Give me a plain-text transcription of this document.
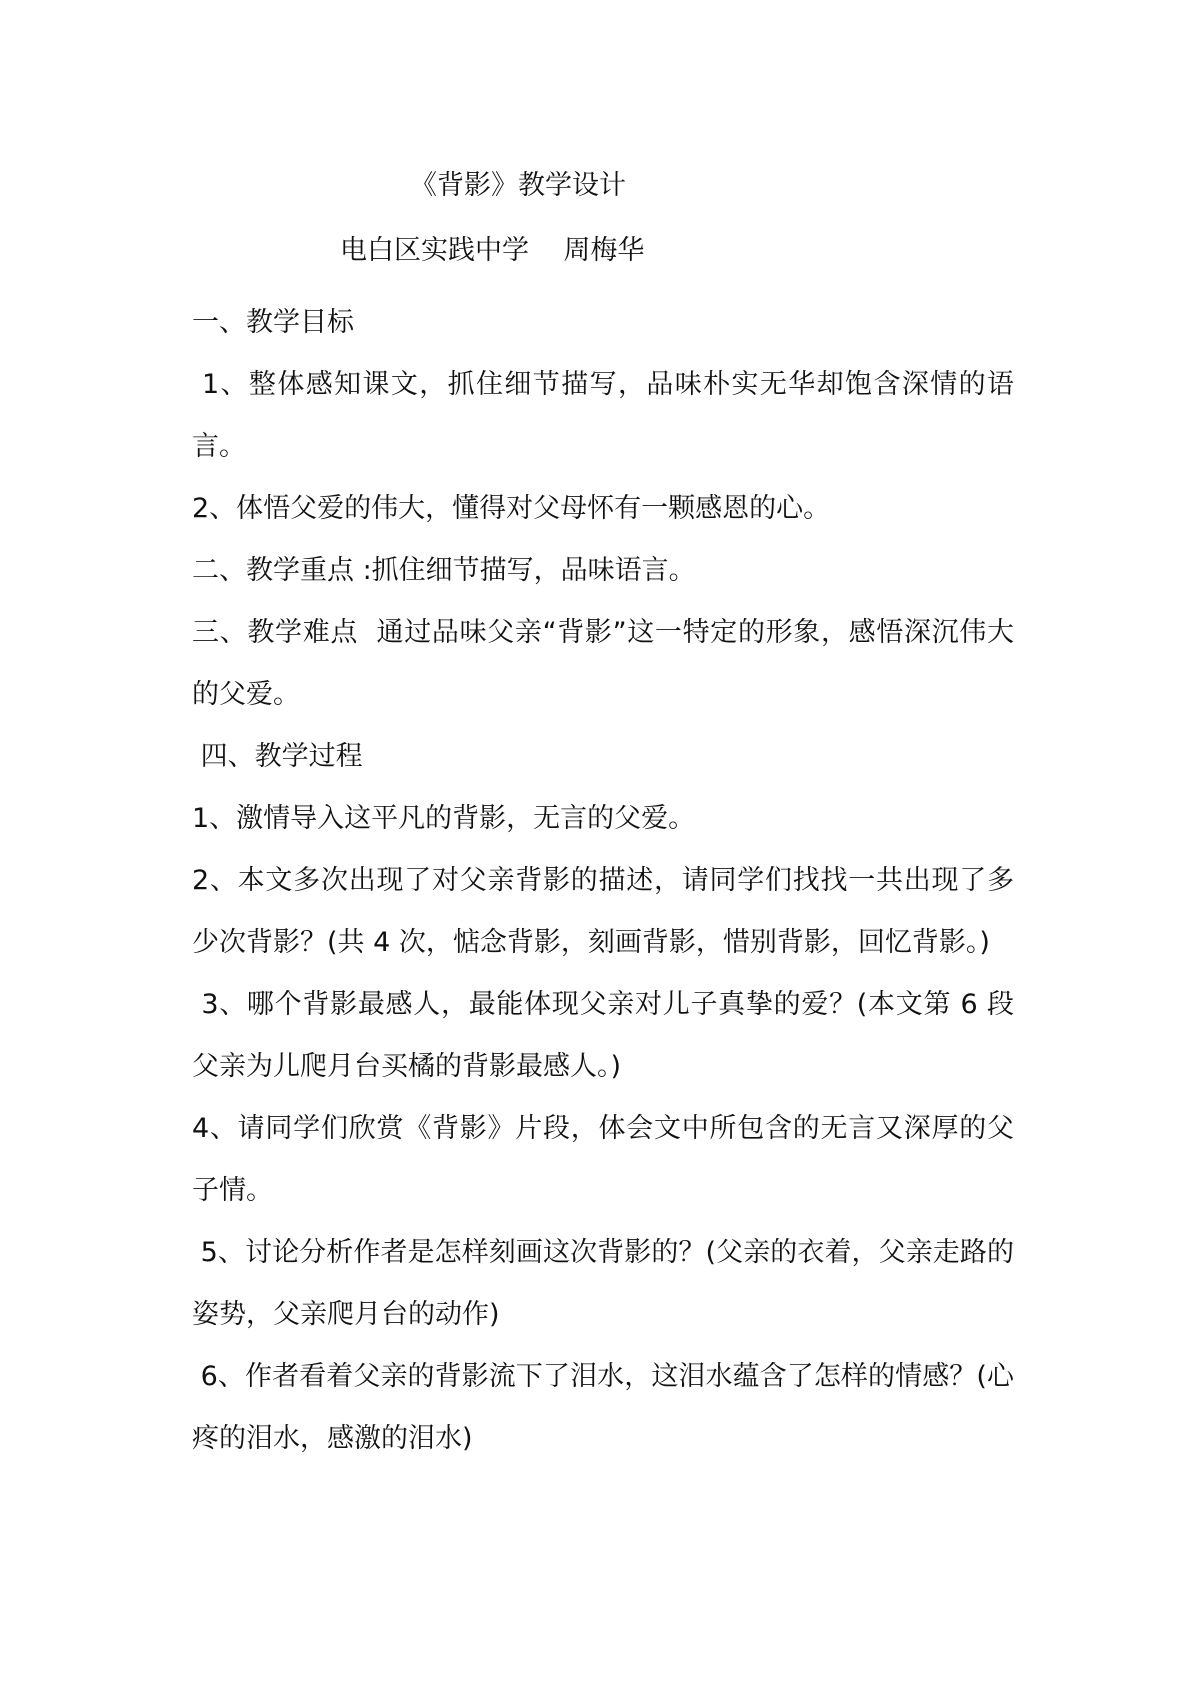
《背影》教学设计
电白区实践中学    周梅华

一、教学目标

1、整体感知课文，抓住细节描写，品味朴实无华却饱含深情的语言。

2、体悟父爱的伟大，懂得对父母怀有一颗感恩的心。

二、教学重点 :抓住细节描写，品味语言。

三、教学难点  通过品味父亲“背影”这一特定的形象，感悟深沉伟大的父爱。

四、教学过程

1、激情导入这平凡的背影，无言的父爱。

2、本文多次出现了对父亲背影的描述，请同学们找找一共出现了多少次背影？(共 4 次，惦念背影，刻画背影，惜别背影，回忆背影。)

3、哪个背影最感人，最能体现父亲对儿子真挚的爱？(本文第 6 段父亲为儿爬月台买橘的背影最感人。)

4、请同学们欣赏《背影》片段，体会文中所包含的无言又深厚的父子情。

5、讨论分析作者是怎样刻画这次背影的？(父亲的衣着，父亲走路的姿势，父亲爬月台的动作)

6、作者看着父亲的背影流下了泪水，这泪水蕴含了怎样的情感？(心疼的泪水，感激的泪水)
